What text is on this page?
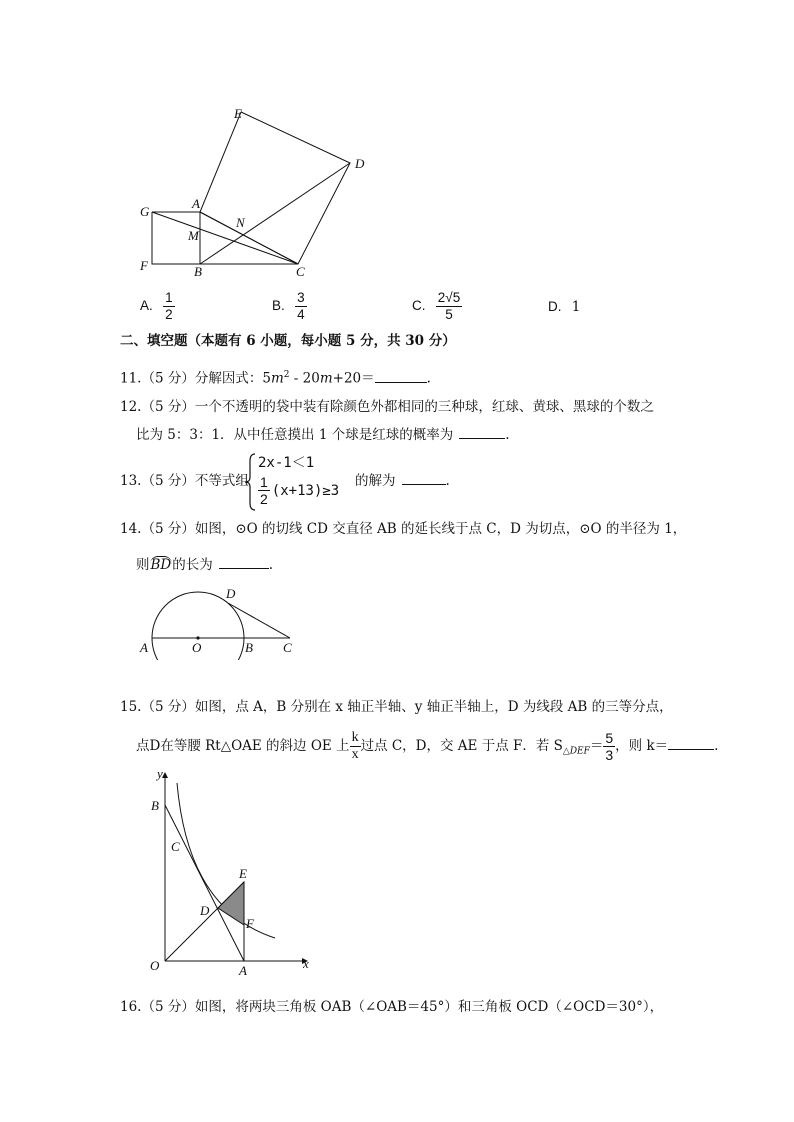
E
D
G
A
N
M
F	B	C
A. $\frac{1}{2}$	B. $\frac{3}{4}$	C. $\frac{2√5}{5}$	D. 1
二、填空题（本题有 6 小题，每小题 5 分，共 30 分）
11.（5 分）分解因式：$5m^2 - 20m+20=$	.
12.（5 分）一个不透明的袋中装有除颜色外都相同的三种球，红球、黄球、黑球的个数之
比为 5：3：1．从中任意摸出 1 个球是红球的概率为	.
13.（5 分）不等式组
2x-1＜1
$\frac{1}{2} (x+13)\ge 3$
的解为	.
14.（5 分）如图，⊙O 的切线 CD 交直径 AB 的延长线于点 C，D 为切点，⊙O 的半径为 1，
则BD的长为	.
D
A	O	B C
15.（5 分）如图，点 A，B 分别在 x 轴正半轴、y 轴正半轴上，D 为线段 AB 的三等分点，
点D在等腰 Rt△OAE 的斜边 OE 上 $\frac{k}{x}$ 过点 C，D，交 AE 于点 F．若 $S_{\triangle DEF}= \frac{5}{3}$ ，则 k＝	.
y
B
C
E
D
F
O	A	x
16.（5 分）如图，将两块三角板 OAB（∠OAB＝45°）和三角板 OCD（∠OCD＝30°），
